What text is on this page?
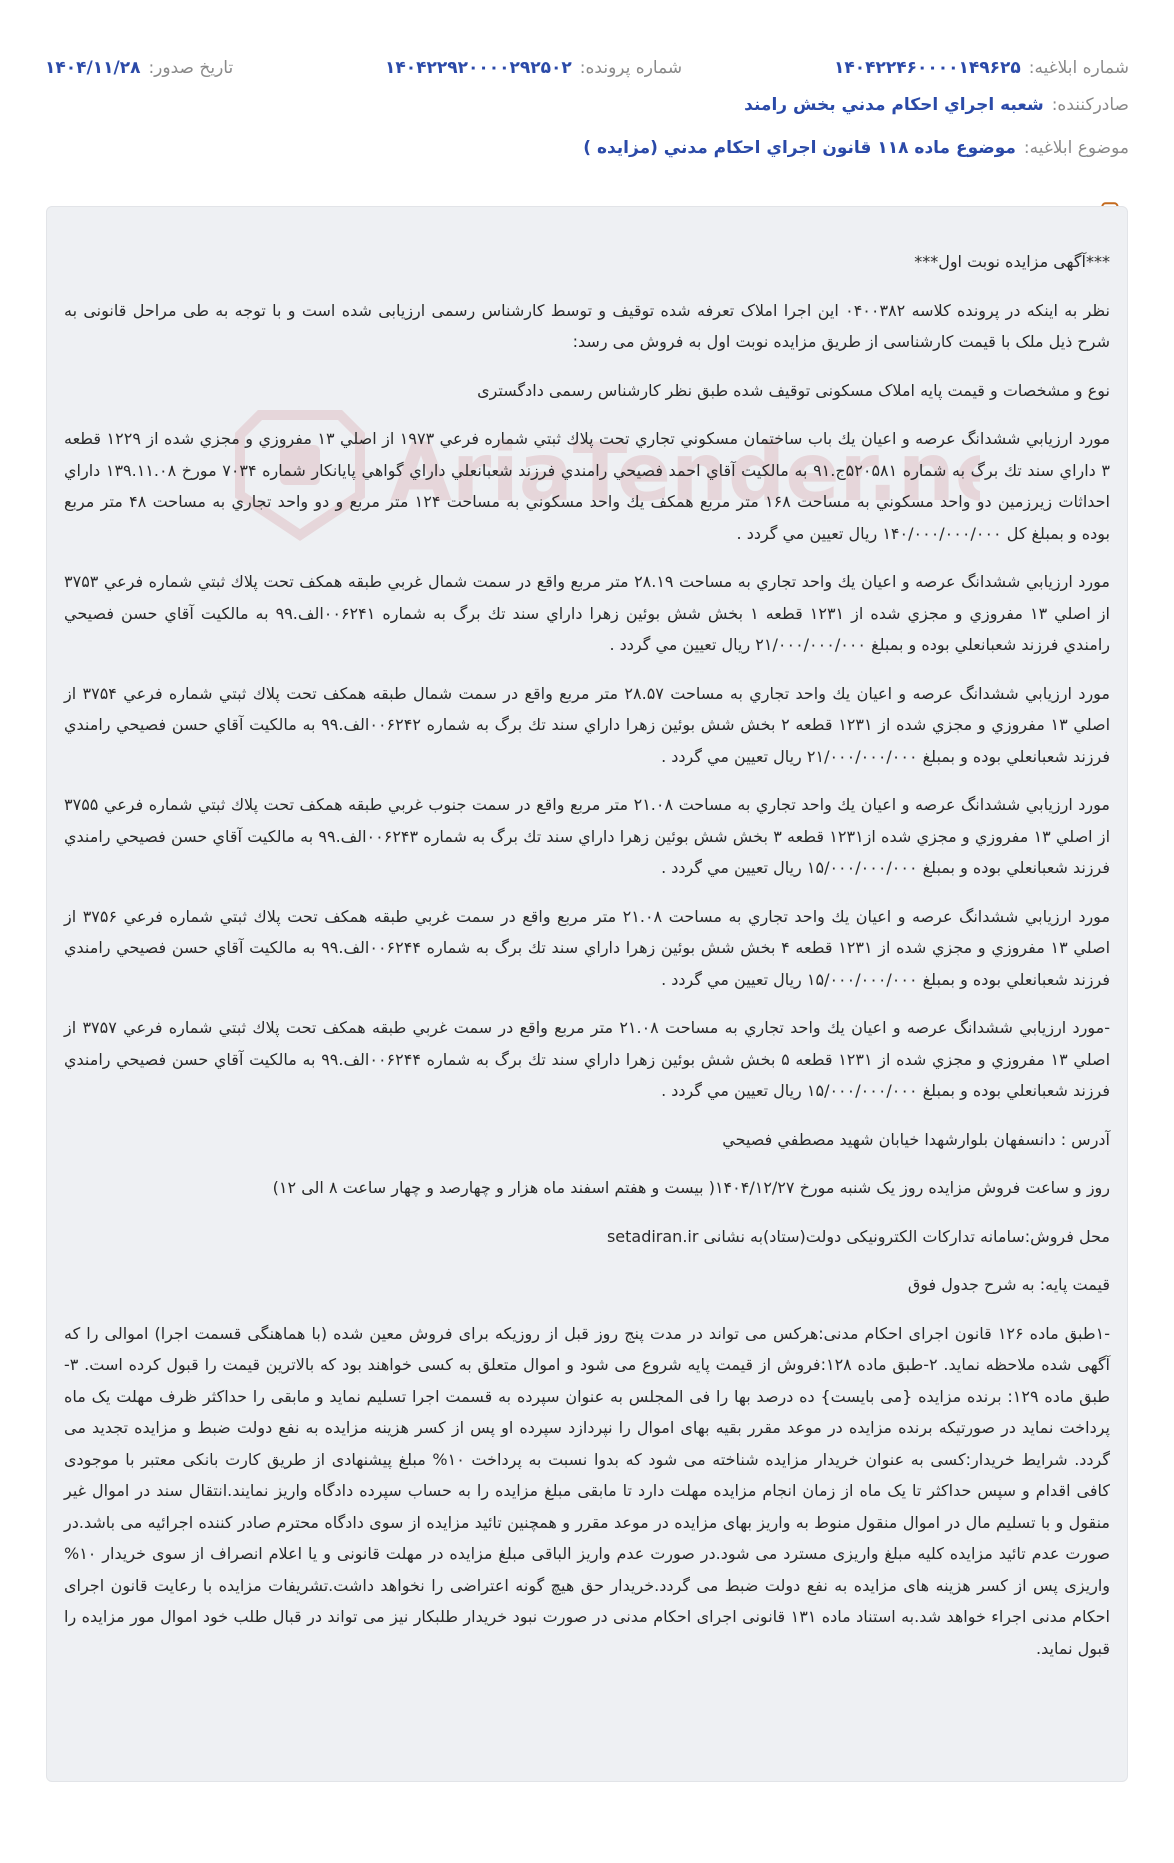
شماره ابلاغيه:
۱۴۰۴۲۲۴۶۰۰۰۰۱۴۹۶۲۵
شماره پرونده:
۱۴۰۴۲۲۹۲۰۰۰۰۲۹۲۵۰۲
تاریخ صدور:
۱۴۰۴/۱۱/۲۸
صادرکننده:
شعبه اجراي احكام مدني بخش رامند
موضوع ابلاغيه:
موضوع ماده ۱۱۸ قانون اجراي احكام مدني (مزايده )

***آگهی مزایده نوبت اول***

نظر به اینکه در پرونده کلاسه ۰۴۰۰۳۸۲ این اجرا املاک تعرفه شده توقیف و توسط کارشناس رسمی ارزیابی شده است و با توجه به طی مراحل قانونی به شرح ذیل ملک با قیمت کارشناسی از طریق مزایده نوبت اول به فروش می رسد:

نوع و مشخصات و قیمت پایه املاک مسکونی توقیف شده طبق نظر کارشناس رسمی دادگستری

مورد ارزيابي ششدانگ عرصه و اعيان يك باب ساختمان مسكوني تجاري تحت پلاك ثبتي شماره فرعي ۱۹۷۳ از اصلي ۱۳ مفروزي و مجزي شده از ۱۲۲۹ قطعه ۳ داراي سند تك برگ به شماره ۵۲۰۵۸۱ج.۹۱ به مالكيت آقاي احمد فصيحي رامندي فرزند شعبانعلي داراي گواهي پايانكار شماره ۷۰۳۴ مورخ ۱۳۹.۱۱.۰۸ داراي احداثات زيرزمين دو واحد مسكوني به مساحت ۱۶۸ متر مربع همكف يك واحد مسكوني به مساحت ۱۲۴ متر مربع و دو واحد تجاري به مساحت ۴۸ متر مربع بوده و بمبلغ كل ۱۴۰/۰۰۰/۰۰۰/۰۰۰ ريال تعيين مي گردد .

مورد ارزيابي ششدانگ عرصه و اعيان يك واحد تجاري به مساحت ۲۸.۱۹ متر مربع واقع در سمت شمال غربي طبقه همكف تحت پلاك ثبتي شماره فرعي ۳۷۵۳ از اصلي ۱۳ مفروزي و مجزي شده از ۱۲۳۱ قطعه ۱ بخش شش بوئين زهرا داراي سند تك برگ به شماره ۰۰۶۲۴۱الف.۹۹ به مالكيت آقاي حسن فصيحي رامندي فرزند شعبانعلي بوده و بمبلغ ۲۱/۰۰۰/۰۰۰/۰۰۰ ريال تعيين مي گردد .

مورد ارزيابي ششدانگ عرصه و اعيان يك واحد تجاري به مساحت ۲۸.۵۷ متر مربع واقع در سمت شمال طبقه همكف تحت پلاك ثبتي شماره فرعي ۳۷۵۴ از اصلي ۱۳ مفروزي و مجزي شده از ۱۲۳۱ قطعه ۲ بخش شش بوئين زهرا داراي سند تك برگ به شماره ۰۰۶۲۴۲الف.۹۹ به مالكيت آقاي حسن فصيحي رامندي فرزند شعبانعلي بوده و بمبلغ ۲۱/۰۰۰/۰۰۰/۰۰۰ ريال تعيين مي گردد .

مورد ارزيابي ششدانگ عرصه و اعيان يك واحد تجاري به مساحت ۲۱.۰۸ متر مربع واقع در سمت جنوب غربي طبقه همكف تحت پلاك ثبتي شماره فرعي ۳۷۵۵ از اصلي ۱۳ مفروزي و مجزي شده از۱۲۳۱ قطعه ۳ بخش شش بوئين زهرا داراي سند تك برگ به شماره ۰۰۶۲۴۳الف.۹۹ به مالكيت آقاي حسن فصيحي رامندي فرزند شعبانعلي بوده و بمبلغ ۱۵/۰۰۰/۰۰۰/۰۰۰ ريال تعيين مي گردد .

مورد ارزيابي ششدانگ عرصه و اعيان يك واحد تجاري به مساحت ۲۱.۰۸ متر مربع واقع در سمت غربي طبقه همكف تحت پلاك ثبتي شماره فرعي ۳۷۵۶ از اصلي ۱۳ مفروزي و مجزي شده از ۱۲۳۱ قطعه ۴ بخش شش بوئين زهرا داراي سند تك برگ به شماره ۰۰۶۲۴۴الف.۹۹ به مالكيت آقاي حسن فصيحي رامندي فرزند شعبانعلي بوده و بمبلغ ۱۵/۰۰۰/۰۰۰/۰۰۰ ريال تعيين مي گردد .

-مورد ارزيابي ششدانگ عرصه و اعيان يك واحد تجاري به مساحت ۲۱.۰۸ متر مربع واقع در سمت غربي طبقه همكف تحت پلاك ثبتي شماره فرعي ۳۷۵۷ از اصلي ۱۳ مفروزي و مجزي شده از ۱۲۳۱ قطعه ۵ بخش شش بوئين زهرا داراي سند تك برگ به شماره ۰۰۶۲۴۴الف.۹۹ به مالكيت آقاي حسن فصيحي رامندي فرزند شعبانعلي بوده و بمبلغ ۱۵/۰۰۰/۰۰۰/۰۰۰ ريال تعيين مي گردد .

آدرس : دانسفهان بلوارشهدا خيابان شهيد مصطفي فصيحي

روز و ساعت فروش مزایده روز یک شنبه مورخ ۱۴۰۴/۱۲/۲۷( بیست و هفتم اسفند ماه هزار و چهارصد و چهار ساعت ۸ الی ۱۲)

محل فروش:سامانه تدارکات الکترونیکی دولت(ستاد)به نشانی setadiran.ir

قیمت پایه: به شرح جدول فوق

-۱طبق ماده ۱۲۶ قانون اجرای احکام مدنی:هرکس می تواند در مدت پنج روز قبل از روزیکه برای فروش معین شده (با هماهنگی قسمت اجرا) اموالی را که آگهی شده ملاحظه نماید. ۲-طبق ماده ۱۲۸:فروش از قیمت پایه شروع می شود و اموال متعلق به کسی خواهند بود که بالاترین قیمت را قبول کرده است. ۳-طبق ماده ۱۲۹: برنده مزایده {می بایست} ده درصد بها را فی المجلس به عنوان سپرده به قسمت اجرا تسلیم نماید و مابقی را حداکثر ظرف مهلت یک ماه پرداخت نماید در صورتیکه برنده مزایده در موعد مقرر بقیه بهای اموال را نپردازد سپرده او پس از کسر هزینه مزایده به نفع دولت ضبط و مزایده تجدید می گردد. شرایط خریدار:کسی به عنوان خریدار مزایده شناخته می شود که بدوا نسبت به پرداخت ۱۰% مبلغ پیشنهادی از طریق کارت بانکی معتبر با موجودی کافی اقدام و سپس حداکثر تا یک ماه از زمان انجام مزایده مهلت دارد تا مابقی مبلغ مزایده را به حساب سپرده دادگاه واریز نمایند.انتقال سند در اموال غیر منقول و با تسلیم مال در اموال منقول منوط به واریز بهای مزایده در موعد مقرر و همچنین تائید مزایده از سوی دادگاه محترم صادر کننده اجرائیه می باشد.در صورت عدم تائید مزایده کلیه مبلغ واریزی مسترد می شود.در صورت عدم واریز الباقی مبلغ مزایده در مهلت قانونی و یا اعلام انصراف از سوی خریدار ۱۰% واریزی پس از کسر هزینه های مزایده به نفع دولت ضبط می گردد.خریدار حق هیچ گونه اعتراضی را نخواهد داشت.تشریفات مزایده با رعایت قانون اجرای احکام مدنی اجراء خواهد شد.به استناد ماده ۱۳۱ قانونی اجرای احکام مدنی در صورت نبود خریدار طلبکار نیز می تواند در قبال طلب خود اموال مور مزایده را قبول نماید.
